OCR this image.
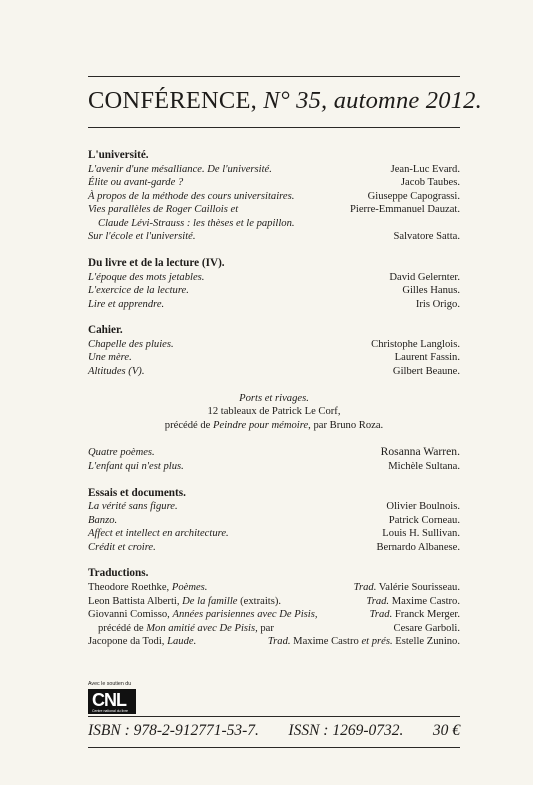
CONFÉRENCE, N° 35, automne 2012.
L'université.
L'avenir d'une mésalliance. De l'université.	Jean-Luc Evard.
Élite ou avant-garde ?	Jacob Taubes.
À propos de la méthode des cours universitaires.	Giuseppe Capograssi.
Vies parallèles de Roger Caillois et	Pierre-Emmanuel Dauzat.
Claude Lévi-Strauss : les thèses et le papillon.
Sur l'école et l'université.	Salvatore Satta.
Du livre et de la lecture (IV).
L'époque des mots jetables.	David Gelernter.
L'exercice de la lecture.	Gilles Hanus.
Lire et apprendre.	Iris Origo.
Cahier.
Chapelle des pluies.	Christophe Langlois.
Une mère.	Laurent Fassin.
Altitudes (V).	Gilbert Beaune.
Ports et rivages.
12 tableaux de Patrick Le Corf,
précédé de Peindre pour mémoire, par Bruno Roza.
Quatre poèmes.	Rosanna Warren.
L'enfant qui n'est plus.	Michèle Sultana.
Essais et documents.
La vérité sans figure.	Olivier Boulnois.
Banzo.	Patrick Corneau.
Affect et intellect en architecture.	Louis H. Sullivan.
Crédit et croire.	Bernardo Albanese.
Traductions.
Theodore Roethke, Poèmes.	Trad. Valérie Sourisseau.
Leon Battista Alberti, De la famille (extraits).	Trad. Maxime Castro.
Giovanni Comisso, Années parisiennes avec De Pisis,	Trad. Franck Merger.
précédé de Mon amitié avec De Pisis, par	Cesare Garboli.
Jacopone da Todi, Laude.	Trad. Maxime Castro et prés. Estelle Zunino.
Avec le soutien du
CNL
Centre national du livre
ISBN : 978-2-912771-53-7. ISSN : 1269-0732. 30 €
